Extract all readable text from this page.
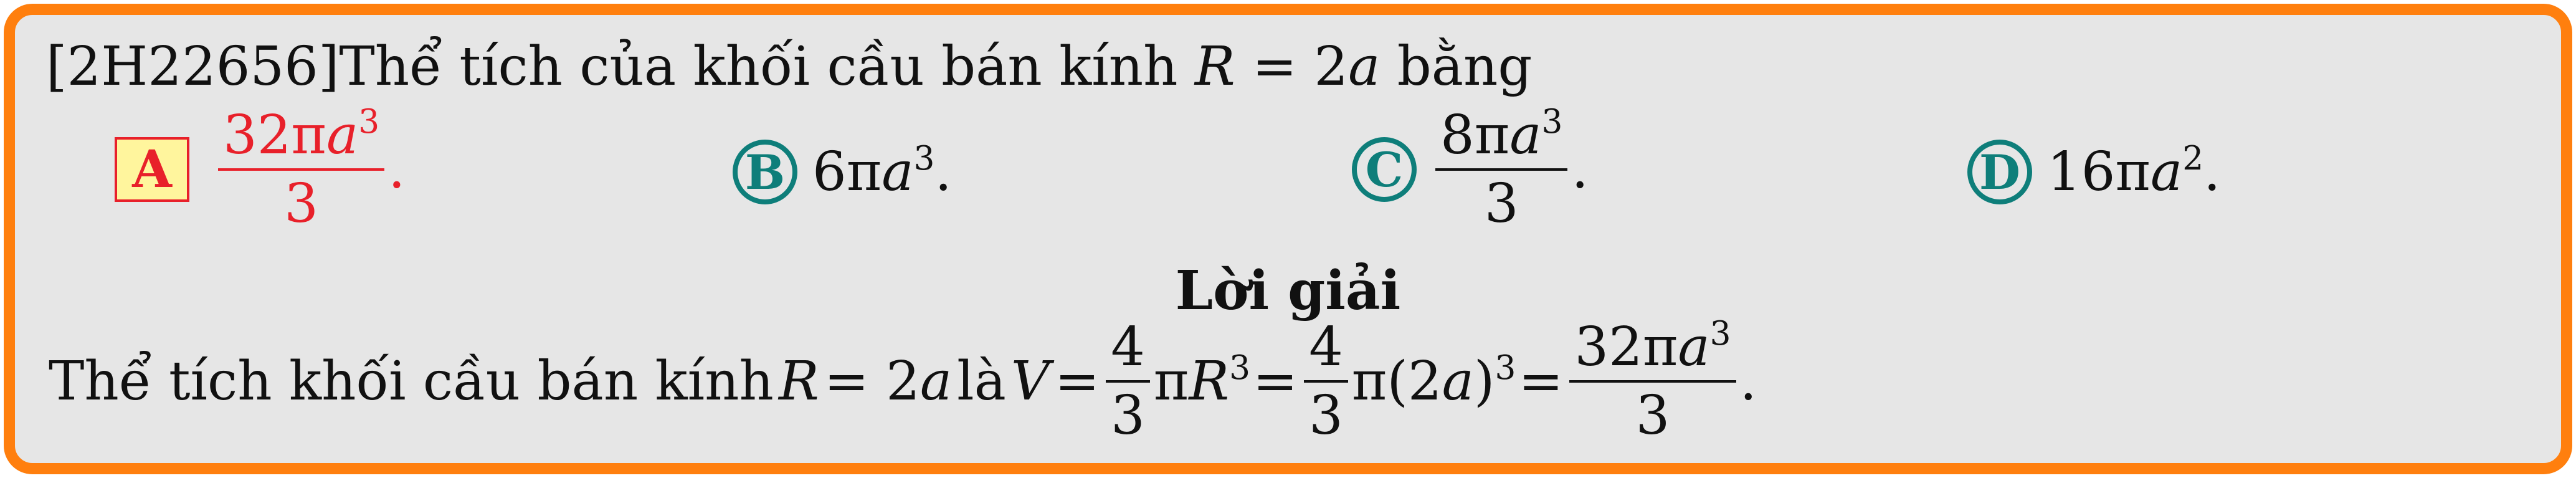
[2H22656]Thể tích của khối cầu bán kính R = 2a bằng
A $\frac{32\pi a^3}{3}$ .	B $6\pi a^3$.	C $\frac{8\pi a^3}{3}$ .	D $16\pi a^2$.
Lời giải
Thể tích khối cầu bán kính R = 2a là $V = \frac{4}{3} \pi R^3 = \frac{4}{3} \pi(2a)^3 = \frac{32\pi a^3}{3}$ .
